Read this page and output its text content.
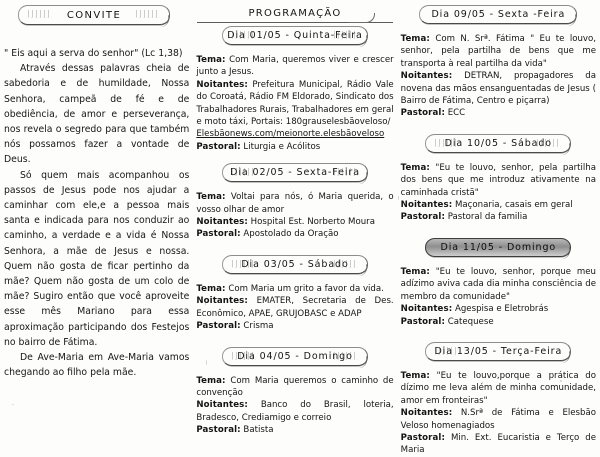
CONVITE

" Eis aqui a serva do senhor" (Lc 1,38)

Através dessas palavras cheia de sabedoria e de humildade, Nossa Senhora, campeã de fé e de obediência, de amor e perseverança, nos revela o segredo para que também nós possamos fazer a vontade de Deus.

Só quem mais acompanhou os passos de Jesus pode nos ajudar a caminhar com ele,e a pessoa mais santa e indicada para nos conduzir ao caminho, a verdade e a vida é Nossa Senhora, a mãe de Jesus e nossa. Quem não gosta de ficar pertinho da mãe? Quem não gosta de um colo de mãe? Sugiro então que você aproveite esse mês Mariano para essa aproximação participando dos Festejos no bairro de Fátima.

De Ave-Maria em Ave-Maria vamos chegando ao filho pela mãe.

PROGRAMAÇÃO
Dia 01/05 - Quinta-Feira

Tema: Com Maria, queremos viver e crescer junto a Jesus.

Noitantes: Prefeitura Municipal, Rádio Vale do Coroatá, Rádio FM Eldorado, Sindicato dos Trabalhadores Rurais, Trabalhadores em geral e moto táxi, Portais: 180grauselesbãoveloso/

Elesbãonews.com/meionorte.elesbãoveloso

Pastoral: Liturgia e Acólitos

Dia 02/05 - Sexta-Feira

Tema: Voltai para nós, ó Maria querida, o vosso olhar de amor

Noitantes: Hospital Est. Norberto Moura

Pastoral: Apostolado da Oração

Dia 03/05 - Sábado

Tema: Com Maria um grito a favor da vida.

Noitantes: EMATER, Secretaria de Des. Econômico, APAE, GRUJOBASC e ADAP

Pastoral: Crisma

Dia 04/05 - Domingo

Tema: Com Maria queremos o caminho de convenção

Noitantes: Banco do Brasil, loteria, Bradesco, Crediamigo e correio

Pastoral: Batista

Dia 09/05 - Sexta -Feira

Tema: Com N. Srª. Fátima " Eu te louvo, senhor, pela partilha de bens que me transporta à real partilha da vida"

Noitantes: DETRAN, propagadores da novena das mãos ensanguentadas de Jesus ( Bairro de Fátima, Centro e piçarra)

Pastoral: ECC

Dia 10/05 - Sábado

Tema: "Eu te louvo, senhor, pela partilha dos bens que me introduz ativamente na caminhada cristã"

Noitantes: Maçonaria, casais em geral

Pastoral: Pastoral da familia

Dia 11/05 - Domingo

Tema: "Eu te louvo, senhor, porque meu adízimo aviva cada dia minha consciência de membro da comunidade"

Noitantes: Agespisa e Eletrobrás

Pastoral: Catequese

Dia 13/05 - Terça-Feira

Tema: "Eu te louvo,porque a prática do dízimo me leva além de minha comunidade, amor em fronteiras"

Noitantes: N.Srª de Fátima e Elesbão Veloso homenagiados

Pastoral: Min. Ext. Eucaristia e Terço de Maria
